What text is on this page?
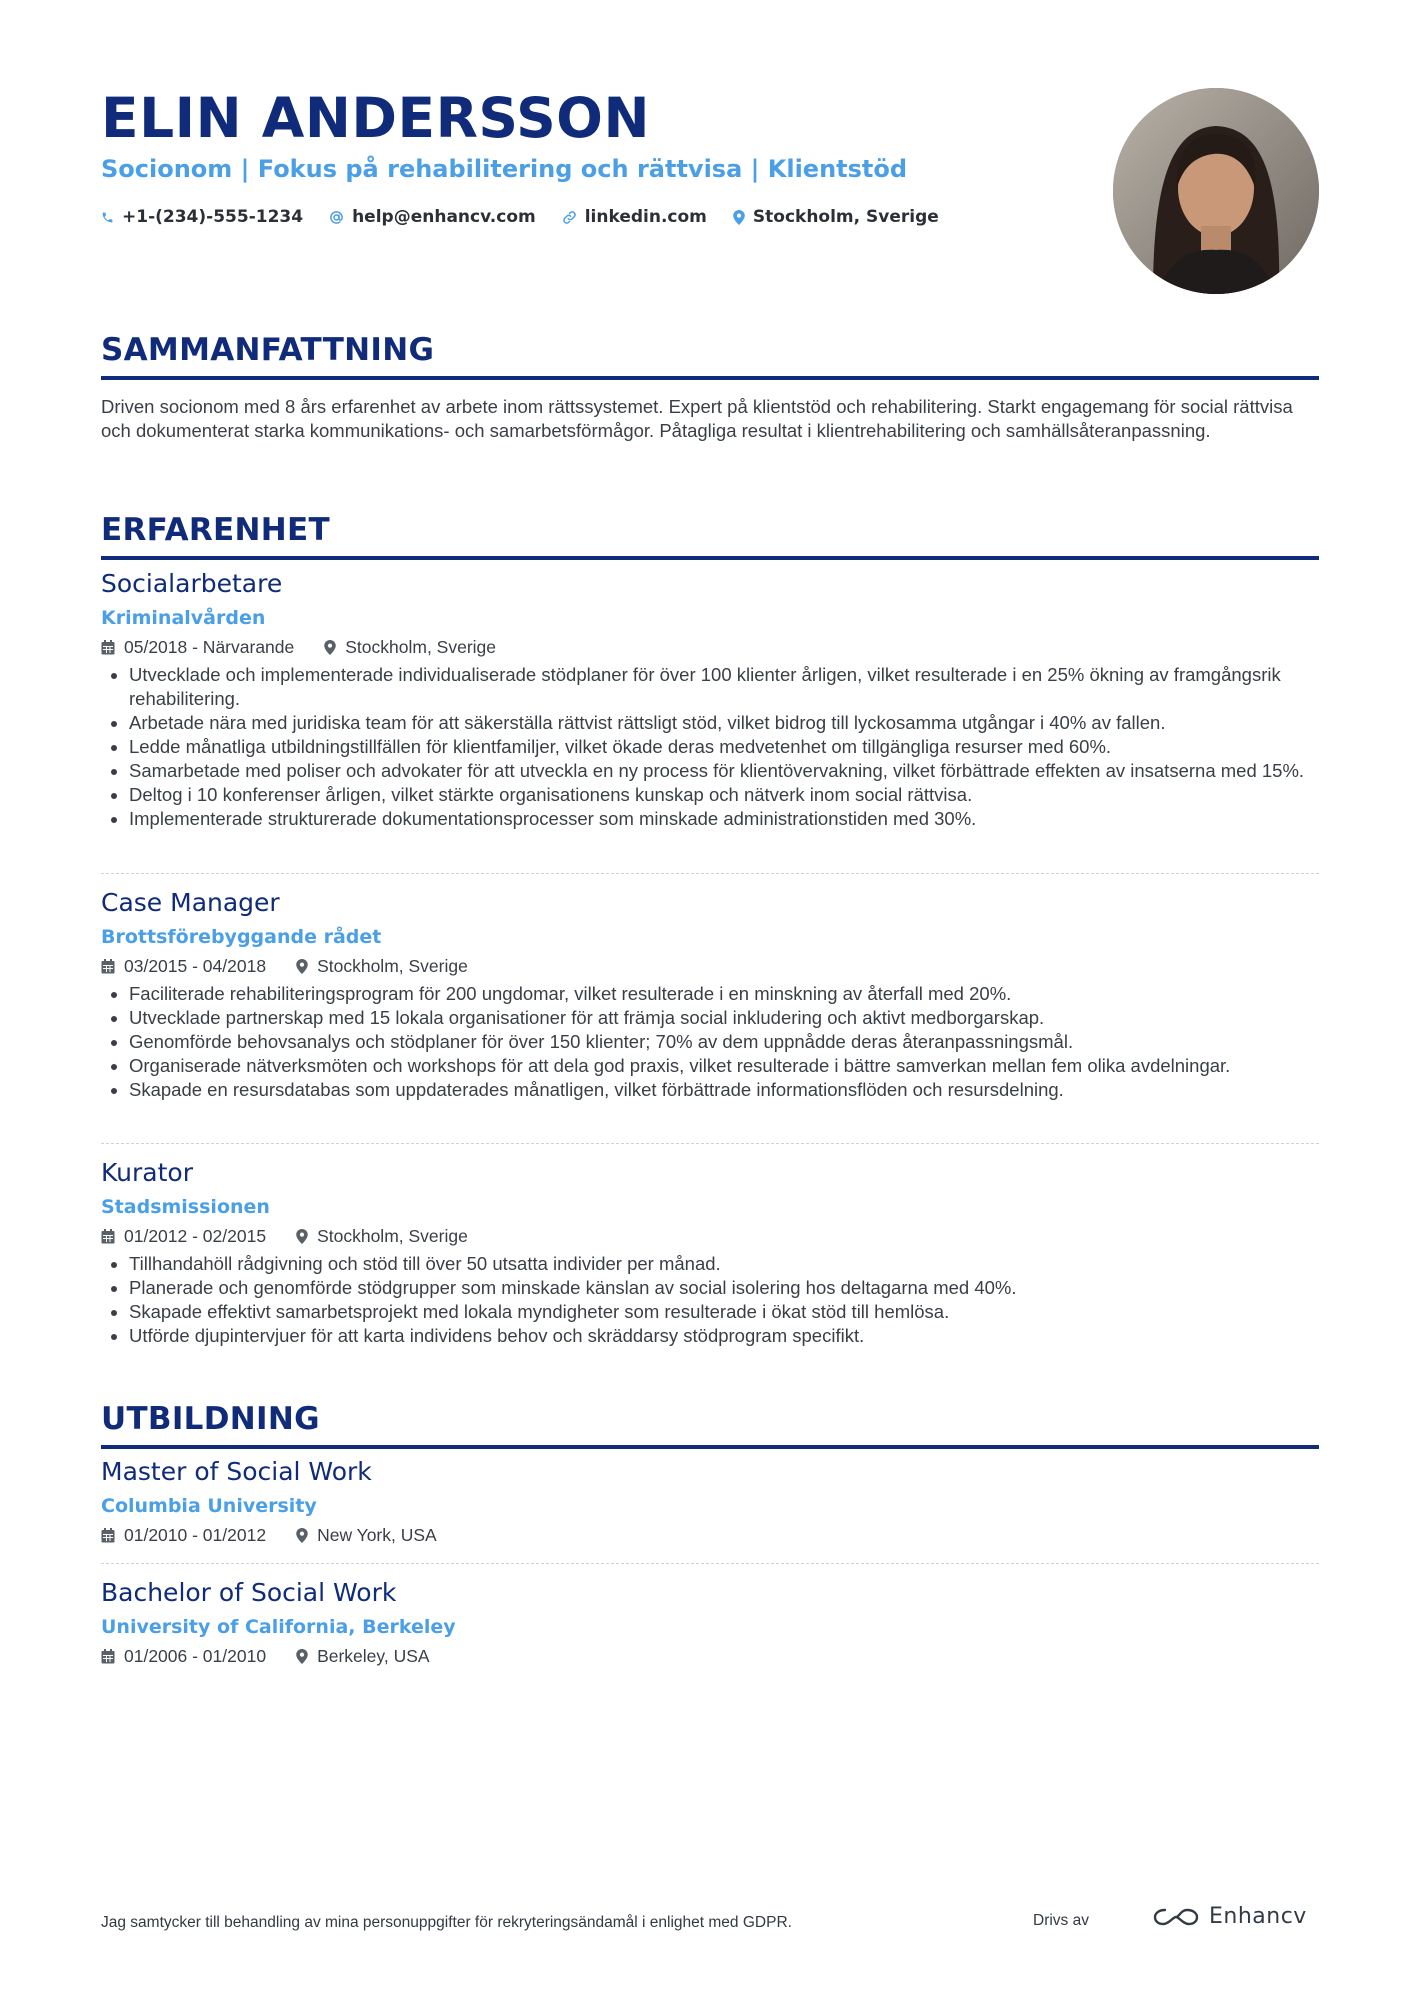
ELIN ANDERSSON
Socionom | Fokus på rehabilitering och rättvisa | Klientstöd
+1-(234)-555-1234	help@enhancv.com	linkedin.com	Stockholm, Sverige
SAMMANFATTNING
Driven socionom med 8 års erfarenhet av arbete inom rättssystemet. Expert på klientstöd och rehabilitering. Starkt engagemang för social rättvisa och dokumenterat starka kommunikations- och samarbetsförmågor. Påtagliga resultat i klientrehabilitering och samhällsåteranpassning.
ERFARENHET
Socialarbetare
Kriminalvården
05/2018 - Närvarande	Stockholm, Sverige
Utvecklade och implementerade individualiserade stödplaner för över 100 klienter årligen, vilket resulterade i en 25% ökning av framgångsrik rehabilitering.
Arbetade nära med juridiska team för att säkerställa rättvist rättsligt stöd, vilket bidrog till lyckosamma utgångar i 40% av fallen.
Ledde månatliga utbildningstillfällen för klientfamiljer, vilket ökade deras medvetenhet om tillgängliga resurser med 60%.
Samarbetade med poliser och advokater för att utveckla en ny process för klientövervakning, vilket förbättrade effekten av insatserna med 15%.
Deltog i 10 konferenser årligen, vilket stärkte organisationens kunskap och nätverk inom social rättvisa.
Implementerade strukturerade dokumentationsprocesser som minskade administrationstiden med 30%.
Case Manager
Brottsförebyggande rådet
03/2015 - 04/2018	Stockholm, Sverige
Faciliterade rehabiliteringsprogram för 200 ungdomar, vilket resulterade i en minskning av återfall med 20%.
Utvecklade partnerskap med 15 lokala organisationer för att främja social inkludering och aktivt medborgarskap.
Genomförde behovsanalys och stödplaner för över 150 klienter; 70% av dem uppnådde deras återanpassningsmål.
Organiserade nätverksmöten och workshops för att dela god praxis, vilket resulterade i bättre samverkan mellan fem olika avdelningar.
Skapade en resursdatabas som uppdaterades månatligen, vilket förbättrade informationsflöden och resursdelning.
Kurator
Stadsmissionen
01/2012 - 02/2015	Stockholm, Sverige
Tillhandahöll rådgivning och stöd till över 50 utsatta individer per månad.
Planerade och genomförde stödgrupper som minskade känslan av social isolering hos deltagarna med 40%.
Skapade effektivt samarbetsprojekt med lokala myndigheter som resulterade i ökat stöd till hemlösa.
Utförde djupintervjuer för att karta individens behov och skräddarsy stödprogram specifikt.
UTBILDNING
Master of Social Work
Columbia University
01/2010 - 01/2012	New York, USA
Bachelor of Social Work
University of California, Berkeley
01/2006 - 01/2010	Berkeley, USA
Jag samtycker till behandling av mina personuppgifter för rekryteringsändamål i enlighet med GDPR.	Drivs av	Enhancv
